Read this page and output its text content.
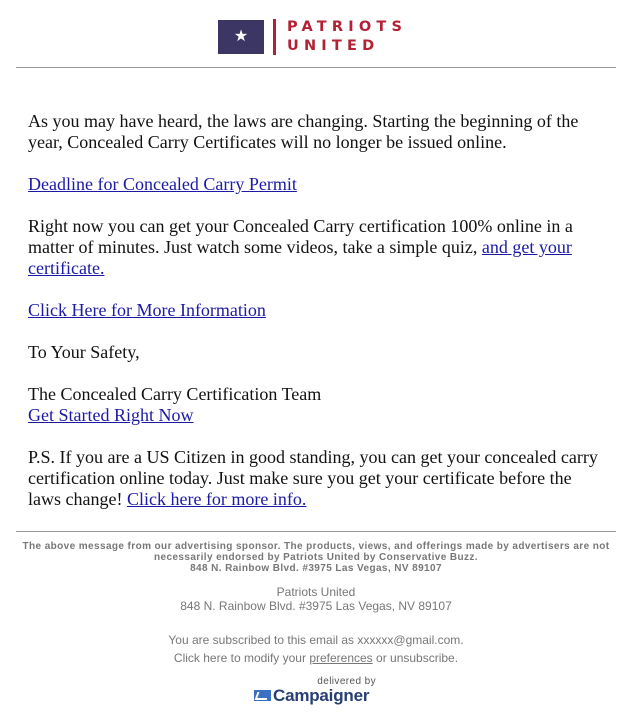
★	PATRIOTS
UNITED

As you may have heard, the laws are changing. Starting the beginning of the year, Concealed Carry Certificates will no longer be issued online.

Deadline for Concealed Carry Permit

Right now you can get your Concealed Carry certification 100% online in a matter of minutes. Just watch some videos, take a simple quiz, and get your certificate.

Click Here for More Information

To Your Safety,

The Concealed Carry Certification Team
Get Started Right Now

P.S. If you are a US Citizen in good standing, you can get your concealed carry certification online today. Just make sure you get your certificate before the laws change! Click here for more info.

The above message from our advertising sponsor. The products, views, and offerings made by advertisers are not necessarily endorsed by Patriots United by Conservative Buzz.
848 N. Rainbow Blvd. #3975 Las Vegas, NV 89107
Patriots United
848 N. Rainbow Blvd. #3975 Las Vegas, NV 89107
You are subscribed to this email as xxxxxx@gmail.com.
Click here to modify your preferences or unsubscribe.
delivered by
Campaigner
